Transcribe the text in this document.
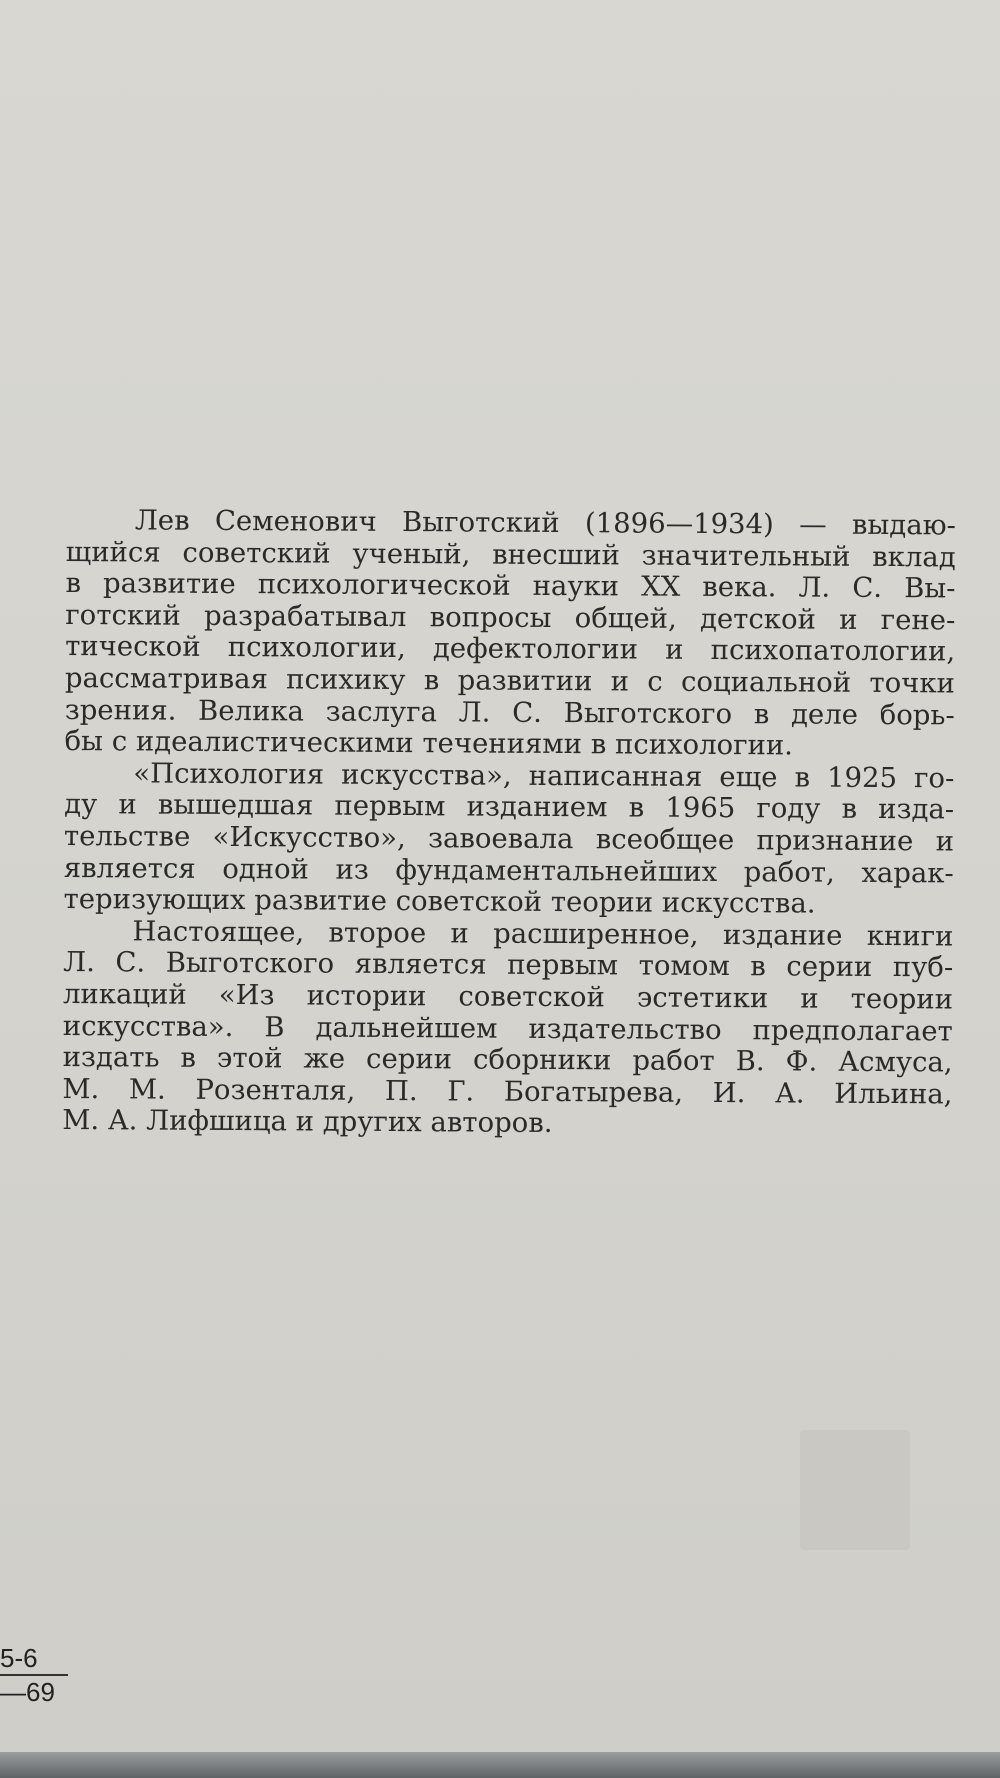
Лев Семенович Выготский (1896—1934) — выдаю-
щийся советский ученый, внесший значительный вклад
в развитие психологической науки XX века. Л. С. Вы-
готский разрабатывал вопросы общей, детской и гене-
тической психологии, дефектологии и психопатологии,
рассматривая психику в развитии и с социальной точки
зрения. Велика заслуга Л. С. Выготского в деле борь-
бы с идеалистическими течениями в психологии.
«Психология искусства», написанная еще в 1925 го-
ду и вышедшая первым изданием в 1965 году в изда-
тельстве «Искусство», завоевала всеобщее признание и
является одной из фундаментальнейших работ, харак-
теризующих развитие советской теории искусства.
Настоящее, второе и расширенное, издание книги
Л. С. Выготского является первым томом в серии пуб-
ликаций «Из истории советской эстетики и теории
искусства». В дальнейшем издательство предполагает
издать в этой же серии сборники работ В. Ф. Асмуса,
М. М. Розенталя, П. Г. Богатырева, И. А. Ильина,
М. А. Лифшица и других авторов.
5-6
—69
